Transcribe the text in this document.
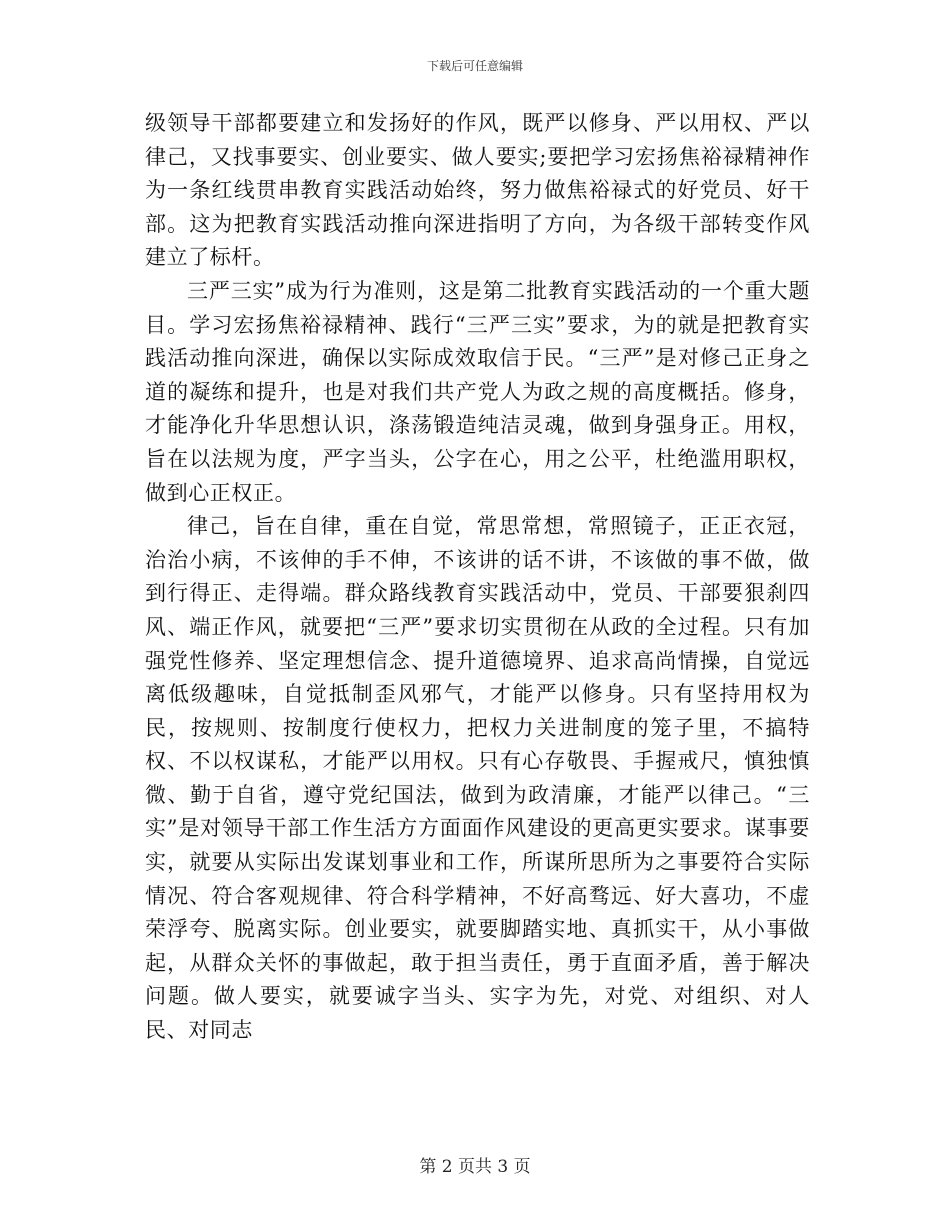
下载后可任意编辑

级领导干部都要建立和发扬好的作风，既严以修身、严以用权、严以律己，又找事要实、创业要实、做人要实;要把学习宏扬焦裕禄精神作为一条红线贯串教育实践活动始终，努力做焦裕禄式的好党员、好干部。这为把教育实践活动推向深进指明了方向，为各级干部转变作风建立了标杆。

三严三实”成为行为准则，这是第二批教育实践活动的一个重大题目。学习宏扬焦裕禄精神、践行“三严三实”要求，为的就是把教育实践活动推向深进，确保以实际成效取信于民。“三严”是对修己正身之道的凝练和提升，也是对我们共产党人为政之规的高度概括。修身，才能净化升华思想认识，涤荡锻造纯洁灵魂，做到身强身正。用权，旨在以法规为度，严字当头，公字在心，用之公平，杜绝滥用职权，做到心正权正。

律己，旨在自律，重在自觉，常思常想，常照镜子，正正衣冠，治治小病，不该伸的手不伸，不该讲的话不讲，不该做的事不做，做到行得正、走得端。群众路线教育实践活动中，党员、干部要狠刹四风、端正作风，就要把“三严”要求切实贯彻在从政的全过程。只有加强党性修养、坚定理想信念、提升道德境界、追求高尚情操，自觉远离低级趣味，自觉抵制歪风邪气，才能严以修身。只有坚持用权为民，按规则、按制度行使权力，把权力关进制度的笼子里，不搞特权、不以权谋私，才能严以用权。只有心存敬畏、手握戒尺，慎独慎微、勤于自省，遵守党纪国法，做到为政清廉，才能严以律己。“三实”是对领导干部工作生活方方面面作风建设的更高更实要求。谋事要实，就要从实际出发谋划事业和工作，所谋所思所为之事要符合实际情况、符合客观规律、符合科学精神，不好高骛远、好大喜功，不虚荣浮夸、脱离实际。创业要实，就要脚踏实地、真抓实干，从小事做起，从群众关怀的事做起，敢于担当责任，勇于直面矛盾，善于解决问题。做人要实，就要诚字当头、实字为先，对党、对组织、对人民、对同志

第 2 页共 3 页
